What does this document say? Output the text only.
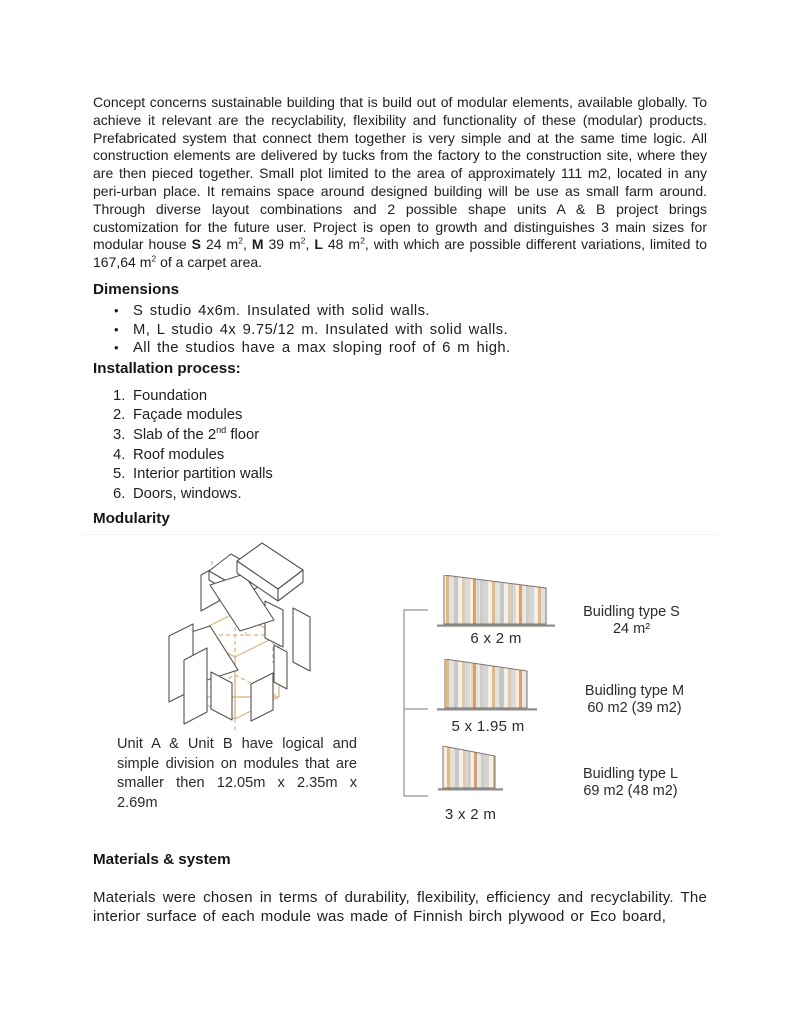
Concept concerns sustainable building that is build out of modular elements, available globally. To achieve it relevant are the recyclability, flexibility and functionality of these (modular) products. Prefabricated system that connect them together is very simple and at the same time logic. All construction elements are delivered by tucks from the factory to the construction site, where they are then pieced together. Small plot limited to the area of approximately 111 m2, located in any peri-urban place. It remains space around designed building will be use as small farm around. Through diverse layout combinations and 2 possible shape units A & B project brings customization for the future user. Project is open to growth and distinguishes 3 main sizes for modular house S 24 $m^2$, M 39 $m^2$, L 48 $m^2$, with which are possible different variations, limited to 167,64 $m^2$ of a carpet area.

Dimensions
• S studio 4x6m. Insulated with solid walls.
• M, L studio 4x 9.75/12 m. Insulated with solid walls.
• All the studios have a max sloping roof of 6 m high.
Installation process:
1. Foundation
2. Façade modules
3. Slab of the 2nd floor
4. Roof modules
5. Interior partition walls
6. Doors, windows.
Modularity
Unit A & Unit B have logical and simple division on modules that are smaller then 12.05m x 2.35m x 2.69m
6 x 2 m
Buidling type S
24 m²
5 x 1.95 m
Buidling type M
60 m2 (39 m2)
3 x 2 m
Buidling type L
69 m2 (48 m2)
Materials & system

Materials were chosen in terms of durability, flexibility, efficiency and recyclability. The interior surface of each module was made of Finnish birch plywood or Eco board,
